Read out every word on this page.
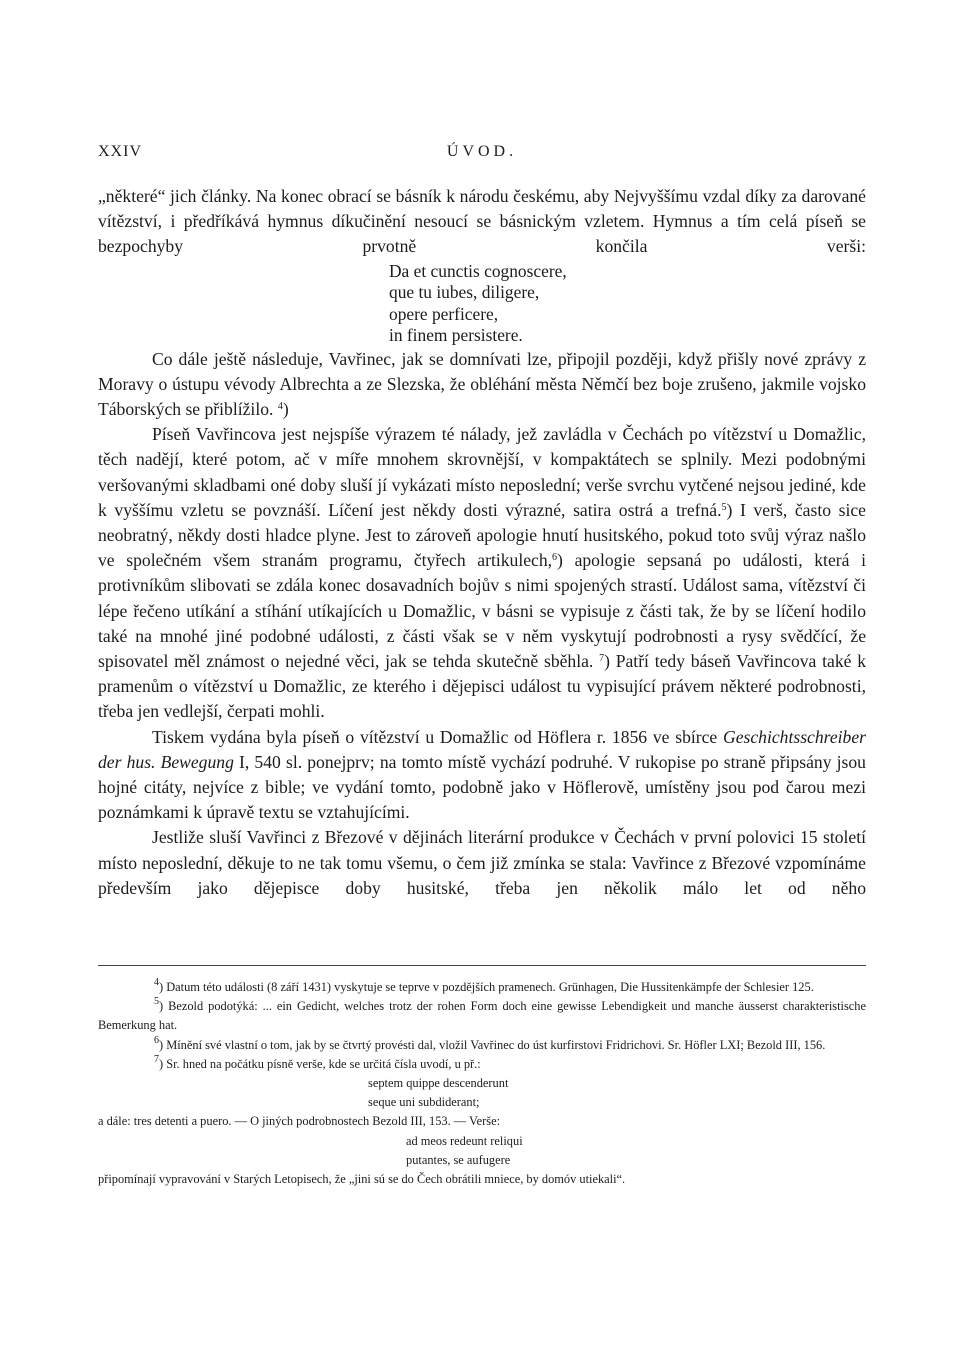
XXIV	ÚVOD.

„některé“ jich články. Na konec obrací se básník k národu českému, aby Nejvyššímu vzdal díky za darované vítězství, i předříkává hymnus díkučinění nesoucí se básnickým vzletem. Hymnus a tím celá píseň se bezpochyby prvotně končila verši:

Da et cunctis cognoscere,
que tu iubes, diligere,
opere perficere,
in finem persistere.

Co dále ještě následuje, Vavřinec, jak se domnívati lze, připojil později, když přišly nové zprávy z Moravy o ústupu vévody Albrechta a ze Slezska, že obléhání města Němčí bez boje zrušeno, jakmile vojsko Táborských se přiblížilo. $^4$)

Píseň Vavřincova jest nejspíše výrazem té nálady, jež zavládla v Čechách po vítězství u Domažlic, těch nadějí, které potom, ač v míře mnohem skrovnější, v kompaktátech se splnily. Mezi podobnými veršovanými skladbami oné doby sluší jí vykázati místo neposlední; verše svrchu vytčené nejsou jediné, kde k vyššímu vzletu se povznáší. Líčení jest někdy dosti výrazné, satira ostrá a trefná.$^5$) I verš, často sice neobratný, někdy dosti hladce plyne. Jest to zároveň apologie hnutí husitského, pokud toto svůj výraz našlo ve společném všem stranám programu, čtyřech artikulech,$^6$) apologie sepsaná po události, která i protivníkům slibovati se zdála konec dosavadních bojův s nimi spojených strastí. Událost sama, vítězství či lépe řečeno utíkání a stíhání utíkajících u Domažlic, v básni se vypisuje z části tak, že by se líčení hodilo také na mnohé jiné podobné události, z části však se v něm vyskytují podrobnosti a rysy svědčící, že spisovatel měl známost o nejedné věci, jak se tehda skutečně sběhla. $^7$) Patří tedy báseň Vavřincova také k pramenům o vítězství u Domažlic, ze kterého i dějepisci událost tu vypisující právem některé podrobnosti, třeba jen vedlejší, čerpati mohli.

Tiskem vydána byla píseň o vítězství u Domažlic od Höflera r. 1856 ve sbírce Geschichtsschreiber der hus. Bewegung I, 540 sl. ponejprv; na tomto místě vychází podruhé. V rukopise po straně připsány jsou hojné citáty, nejvíce z bible; ve vydání tomto, podobně jako v Höflerově, umístěny jsou pod čarou mezi poznámkami k úpravě textu se vztahujícími.

Jestliže sluší Vavřinci z Březové v dějinách literární produkce v Čechách v první polovici 15 století místo neposlední, děkuje to ne tak tomu všemu, o čem již zmínka se stala: Vavřince z Březové vzpomínáme především jako dějepisce doby husitské, třeba jen několik málo let od něho

$^4$) Datum této události (8 září 1431) vyskytuje se teprve v pozdějších pramenech. Grünhagen, Die Hussitenkämpfe der Schlesier 125.

$^5$) Bezold podotýká: ... ein Gedicht, welches trotz der rohen Form doch eine gewisse Lebendigkeit und manche äusserst charakteristische Bemerkung hat.

$^6$) Mínění své vlastní o tom, jak by se čtvrtý provésti dal, vložil Vavřinec do úst kurfirstovi Fridrichovi. Sr. Höfler LXI; Bezold III, 156.

$^7$) Sr. hned na počátku písně verše, kde se určitá čísla uvodí, u př.:

septem quippe descenderunt
seque uni subdiderant;

a dále: tres detenti a puero. — O jiných podrobnostech Bezold III, 153. — Verše:

ad meos redeunt reliqui
putantes, se aufugere

připomínají vypravování v Starých Letopisech, že „jini sú se do Čech obrátili mniece, by domóv utiekali“.
